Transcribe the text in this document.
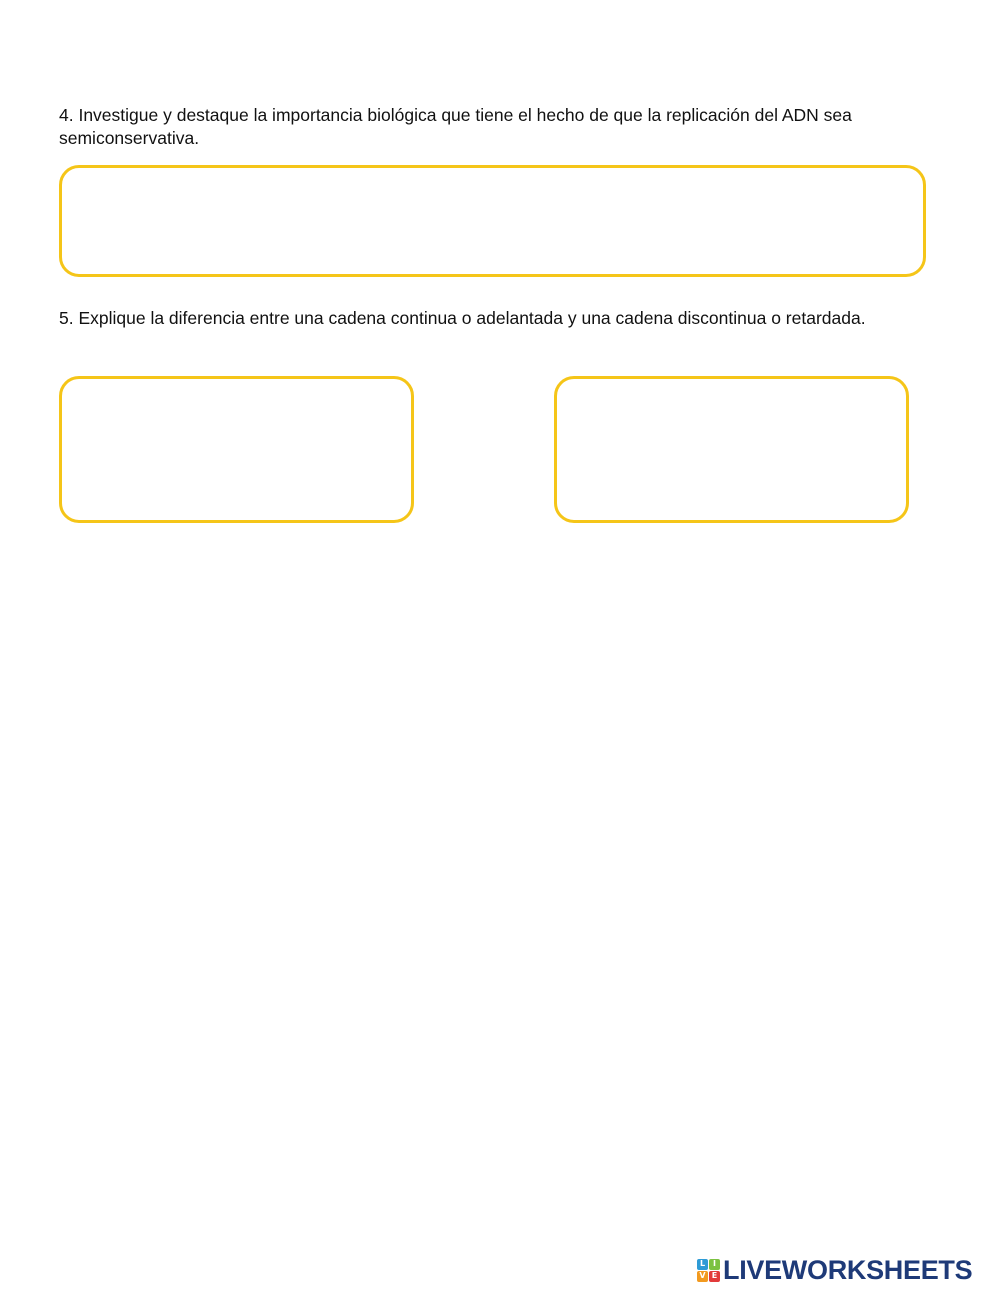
4. Investigue y destaque la importancia biológica que tiene el hecho de que la replicación del ADN sea semiconservativa.

5. Explique la diferencia entre una cadena continua o adelantada y una cadena discontinua o retardada.

L I
V E LIVEWORKSHEETS
